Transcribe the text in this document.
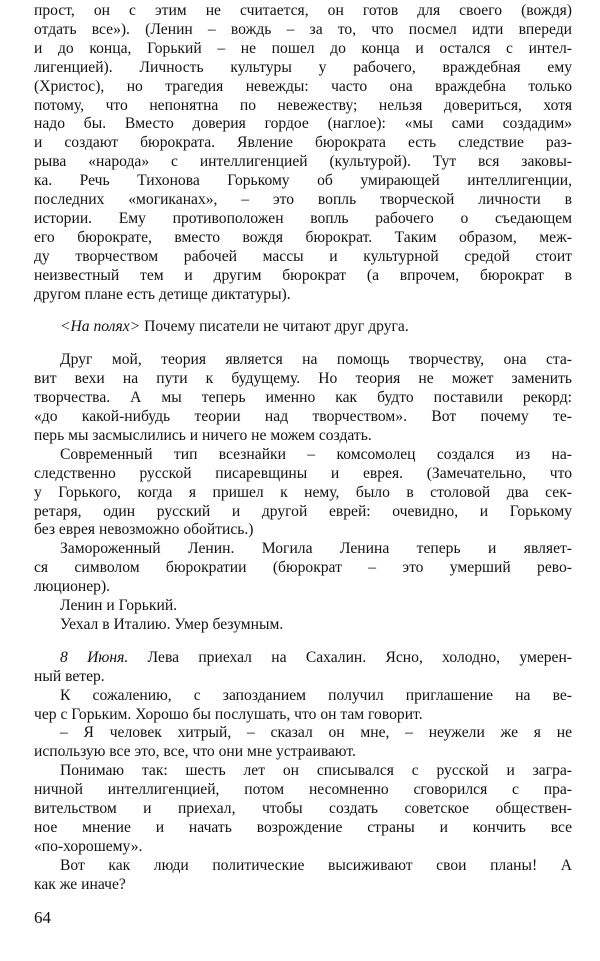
прост, он с этим не считается, он готов для своего (вождя)
отдать все»). (Ленин – вождь – за то, что посмел идти впереди
и до конца, Горький – не пошел до конца и остался с интел-
лигенцией). Личность культуры у рабочего, враждебная ему
(Христос), но трагедия невежды: часто она враждебна только
потому, что непонятна по невежеству; нельзя довериться, хотя
надо бы. Вместо доверия гордое (наглое): «мы сами создадим»
и создают бюрократа. Явление бюрократа есть следствие раз-
рыва «народа» с интеллигенцией (культурой). Тут вся заковы-
ка. Речь Тихонова Горькому об умирающей интеллигенции,
последних «могиканах», – это вопль творческой личности в
истории. Ему противоположен вопль рабочего о съедающем
его бюрократе, вместо вождя бюрократ. Таким образом, меж-
ду творчеством рабочей массы и культурной средой стоит
неизвестный тем и другим бюрократ (а впрочем, бюрократ в
другом плане есть детище диктатуры).
<На полях> Почему писатели не читают друг друга.
Друг мой, теория является на помощь творчеству, она ста-
вит вехи на пути к будущему. Но теория не может заменить
творчества. А мы теперь именно как будто поставили рекорд:
«до какой-нибудь теории над творчеством». Вот почему те-
перь мы засмыслились и ничего не можем создать.
Современный тип всезнайки – комсомолец создался из на-
следственно русской писаревщины и еврея. (Замечательно, что
у Горького, когда я пришел к нему, было в столовой два сек-
ретаря, один русский и другой еврей: очевидно, и Горькому
без еврея невозможно обойтись.)
Замороженный Ленин. Могила Ленина теперь и являет-
ся символом бюрократии (бюрократ – это умерший рево-
люционер).
Ленин и Горький.
Уехал в Италию. Умер безумным.
8 Июня. Лева приехал на Сахалин. Ясно, холодно, умерен-
ный ветер.
К сожалению, с запозданием получил приглашение на ве-
чер с Горьким. Хорошо бы послушать, что он там говорит.
– Я человек хитрый, – сказал он мне, – неужели же я не
использую все это, все, что они мне устраивают.
Понимаю так: шесть лет он списывался с русской и загра-
ничной интеллигенцией, потом несомненно сговорился с пра-
вительством и приехал, чтобы создать советское обществен-
ное мнение и начать возрождение страны и кончить все
«по-хорошему».
Вот как люди политические высиживают свои планы! А
как же иначе?
64
